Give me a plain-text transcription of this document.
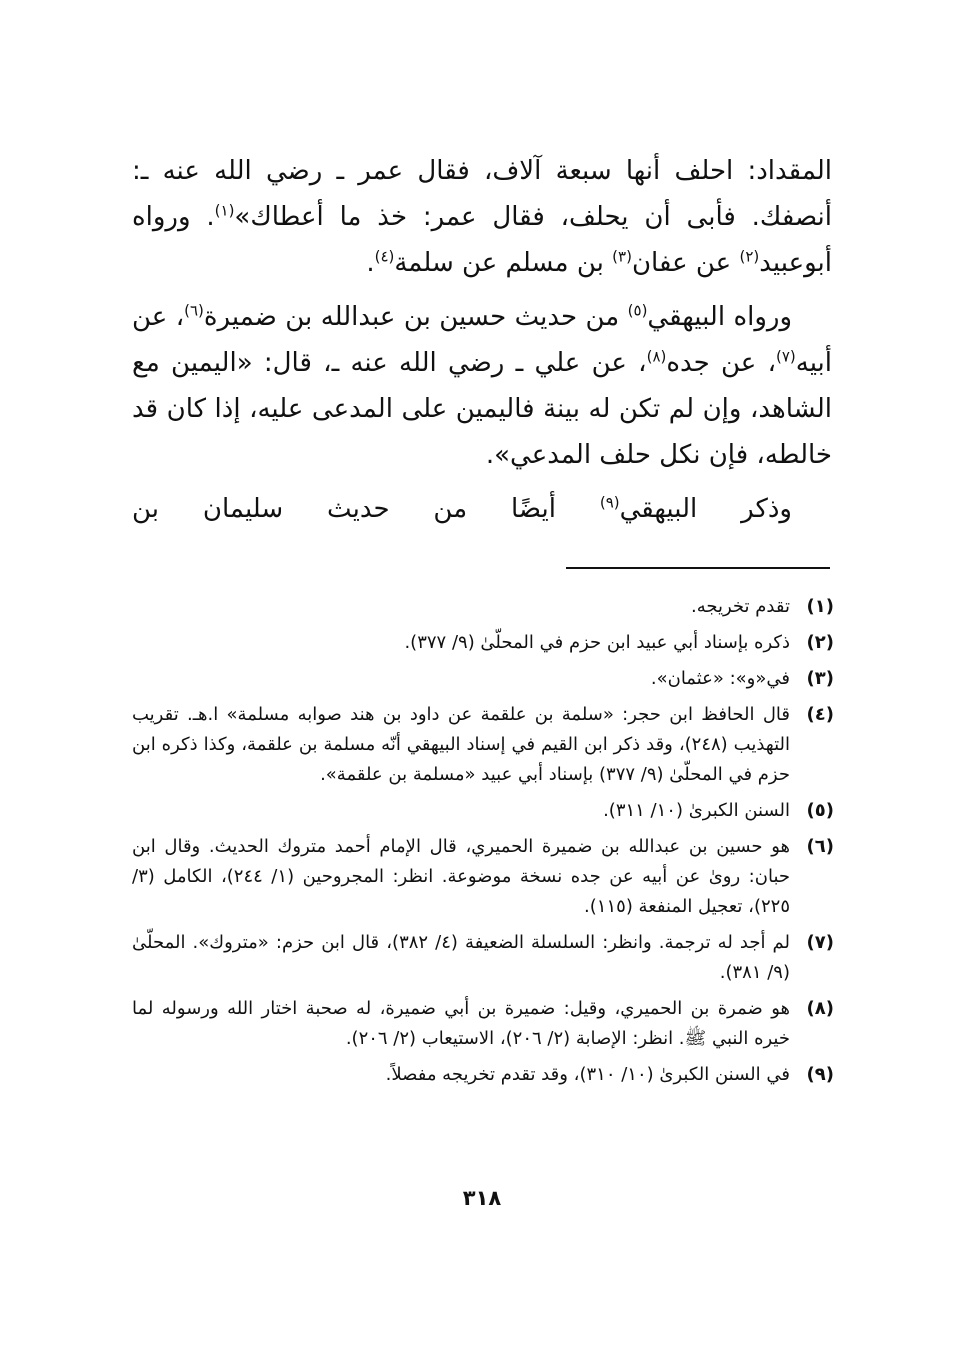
المقداد: احلف أنها سبعة آلاف، فقال عمر ـ رضي الله عنه ـ: أنصفك. فأبى أن يحلف، فقال عمر: خذ ما أعطاك»$^{(١)}$. ورواه أبوعبيد$^{(٢)}$ عن عفان$^{(٣)}$ بن مسلم عن سلمة$^{(٤)}$.

ورواه البيهقي$^{(٥)}$ من حديث حسين بن عبدالله بن ضميرة$^{(٦)}$، عن أبيه$^{(٧)}$، عن جده$^{(٨)}$، عن علي ـ رضي الله عنه ـ، قال: «اليمين مع الشاهد، وإن لم تكن له بينة فاليمين على المدعى عليه، إذا كان قد خالطه، فإن نكل حلف المدعي».

وذكر البيهقي$^{(٩)}$ أيضًا من حديث سليمان بن

(١)
تقدم تخريجه.
(٢)
ذكره بإسناد أبي عبيد ابن حزم في المحلّىٰ (٩/ ٣٧٧).
(٣)
في«و»: «عثمان».
(٤)
قال الحافظ ابن حجر: «سلمة بن علقمة عن داود بن هند صوابه مسلمة» ا.هـ. تقريب التهذيب (٢٤٨)، وقد ذكر ابن القيم في إسناد البيهقي أنّه مسلمة بن علقمة، وكذا ذكره ابن حزم في المحلّىٰ (٩/ ٣٧٧) بإسناد أبي عبيد «مسلمة بن علقمة».
(٥)
السنن الكبرىٰ (١٠/ ٣١١).
(٦)
هو حسين بن عبدالله بن ضميرة الحميري، قال الإمام أحمد متروك الحديث. وقال ابن حبان: روىٰ عن أبيه عن جده نسخة موضوعة. انظر: المجروحين (١/ ٢٤٤)، الكامل (٣/ ٢٢٥)، تعجيل المنفعة (١١٥).
(٧)
لم أجد له ترجمة. وانظر: السلسلة الضعيفة (٤/ ٣٨٢)، قال ابن حزم: «متروك». المحلّىٰ (٩/ ٣٨١).
(٨)
هو ضمرة بن الحميري، وقيل: ضميرة بن أبي ضميرة، له صحبة اختار الله ورسوله لما خيره النبي ﷺ. انظر: الإصابة (٢/ ٢٠٦)، الاستيعاب (٢/ ٢٠٦).
(٩)
في السنن الكبرىٰ (١٠/ ٣١٠)، وقد تقدم تخريجه مفصلاً.
٣١٨
